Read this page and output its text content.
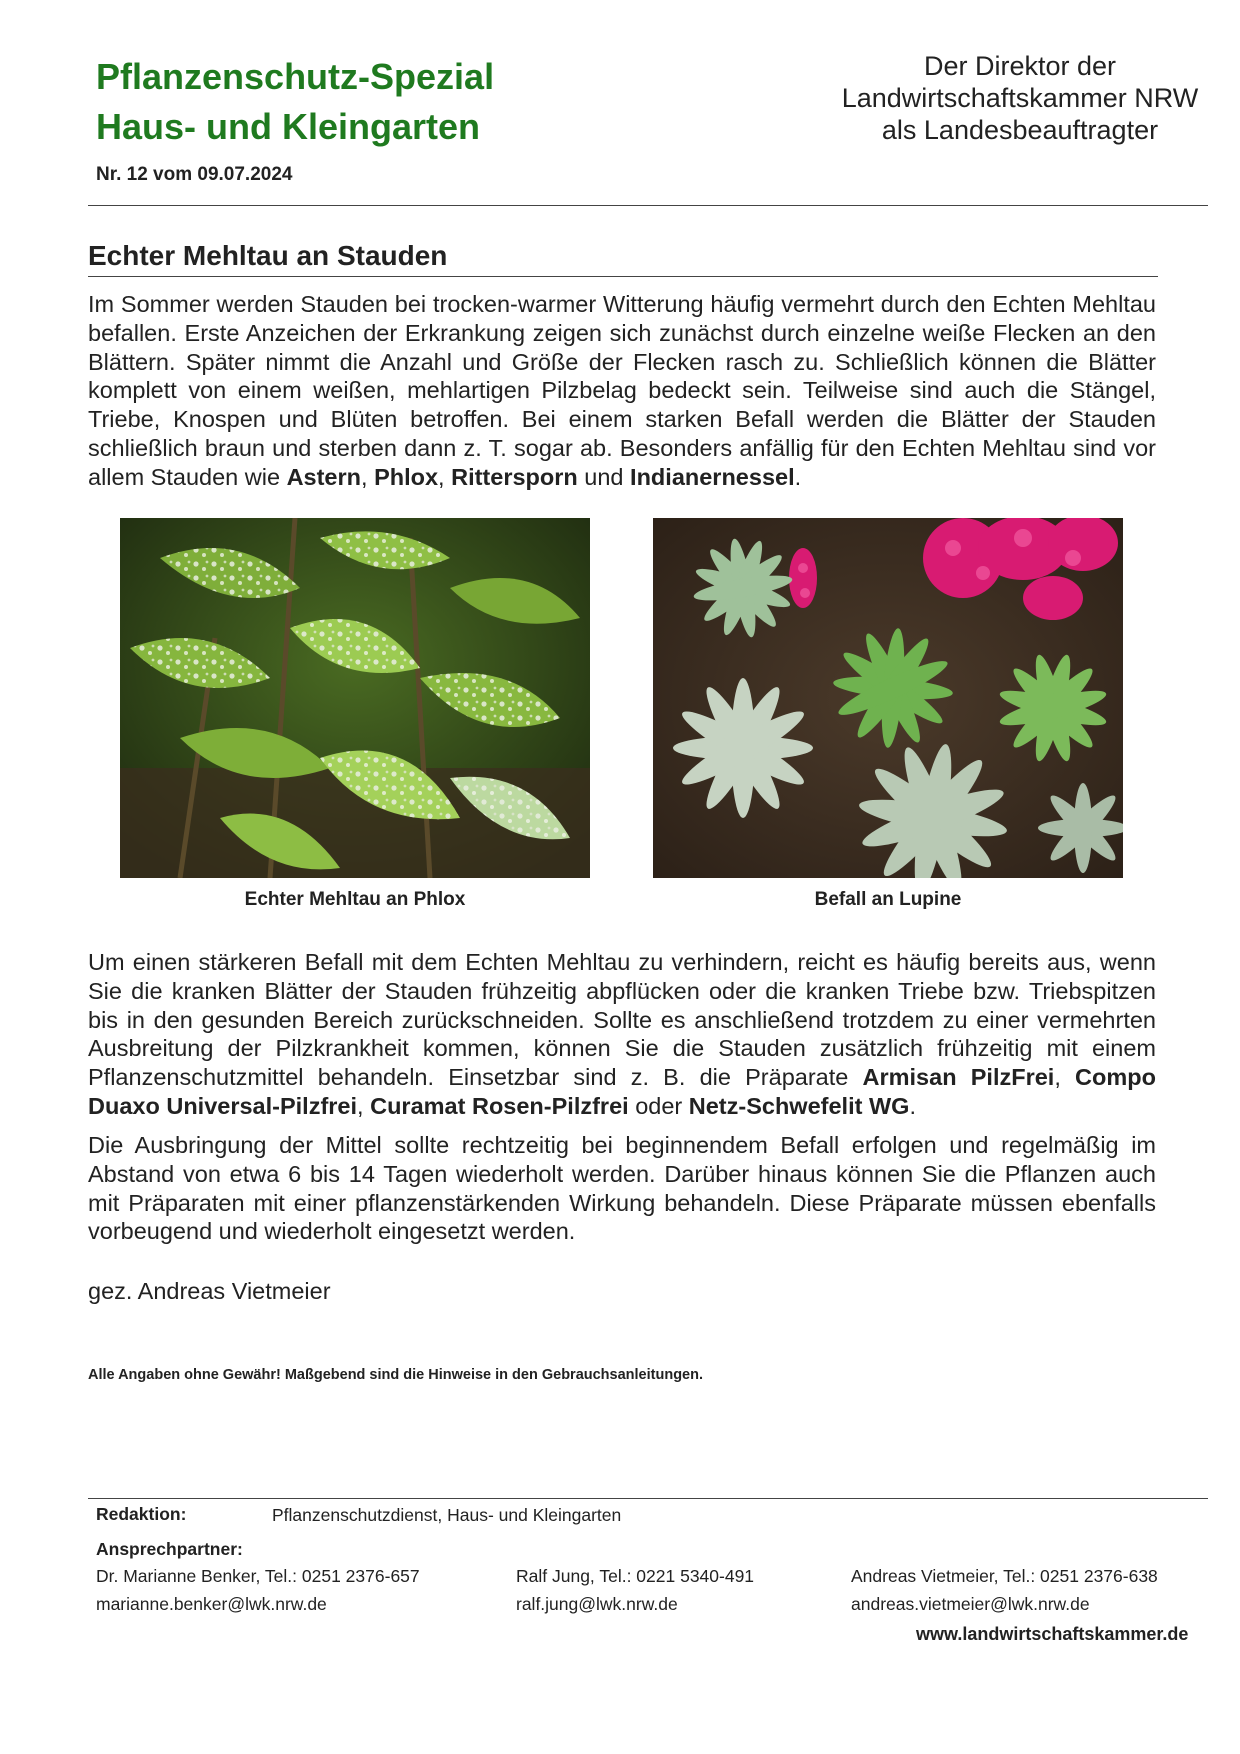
Pflanzenschutz-Spezial
Haus- und Kleingarten
Der Direktor der
Landwirtschaftskammer NRW
als Landesbeauftragter
Nr. 12 vom 09.07.2024
Echter Mehltau an Stauden
Im Sommer werden Stauden bei trocken-warmer Witterung häufig vermehrt durch den Echten Mehltau befallen. Erste Anzeichen der Erkrankung zeigen sich zunächst durch einzelne weiße Flecken an den Blättern. Später nimmt die Anzahl und Größe der Flecken rasch zu. Schließlich können die Blätter komplett von einem weißen, mehlartigen Pilzbelag bedeckt sein. Teilweise sind auch die Stängel, Triebe, Knospen und Blüten betroffen. Bei einem starken Befall werden die Blätter der Stauden schließlich braun und sterben dann z. T. sogar ab. Besonders anfällig für den Echten Mehltau sind vor allem Stauden wie Astern, Phlox, Rittersporn und Indianernessel.
Echter Mehltau an Phlox	Befall an Lupine
Um einen stärkeren Befall mit dem Echten Mehltau zu verhindern, reicht es häufig bereits aus, wenn Sie die kranken Blätter der Stauden frühzeitig abpflücken oder die kranken Triebe bzw. Triebspitzen bis in den gesunden Bereich zurückschneiden. Sollte es anschließend trotzdem zu einer vermehrten Ausbreitung der Pilzkrankheit kommen, können Sie die Stauden zusätzlich frühzeitig mit einem Pflanzenschutzmittel behandeln. Einsetzbar sind z. B. die Präparate Armisan PilzFrei, Compo Duaxo Universal-Pilzfrei, Curamat Rosen-Pilzfrei oder Netz-Schwefelit WG.
Die Ausbringung der Mittel sollte rechtzeitig bei beginnendem Befall erfolgen und regelmäßig im Abstand von etwa 6 bis 14 Tagen wiederholt werden. Darüber hinaus können Sie die Pflanzen auch mit Präparaten mit einer pflanzenstärkenden Wirkung behandeln. Diese Präparate müssen ebenfalls vorbeugend und wiederholt eingesetzt werden.
gez. Andreas Vietmeier
Alle Angaben ohne Gewähr! Maßgebend sind die Hinweise in den Gebrauchsanleitungen.
Redaktion:	Pflanzenschutzdienst, Haus- und Kleingarten
Ansprechpartner:
Dr. Marianne Benker, Tel.: 0251 2376-657
marianne.benker@lwk.nrw.de
Ralf Jung, Tel.: 0221 5340-491
ralf.jung@lwk.nrw.de
Andreas Vietmeier, Tel.: 0251 2376-638
andreas.vietmeier@lwk.nrw.de
www.landwirtschaftskammer.de
